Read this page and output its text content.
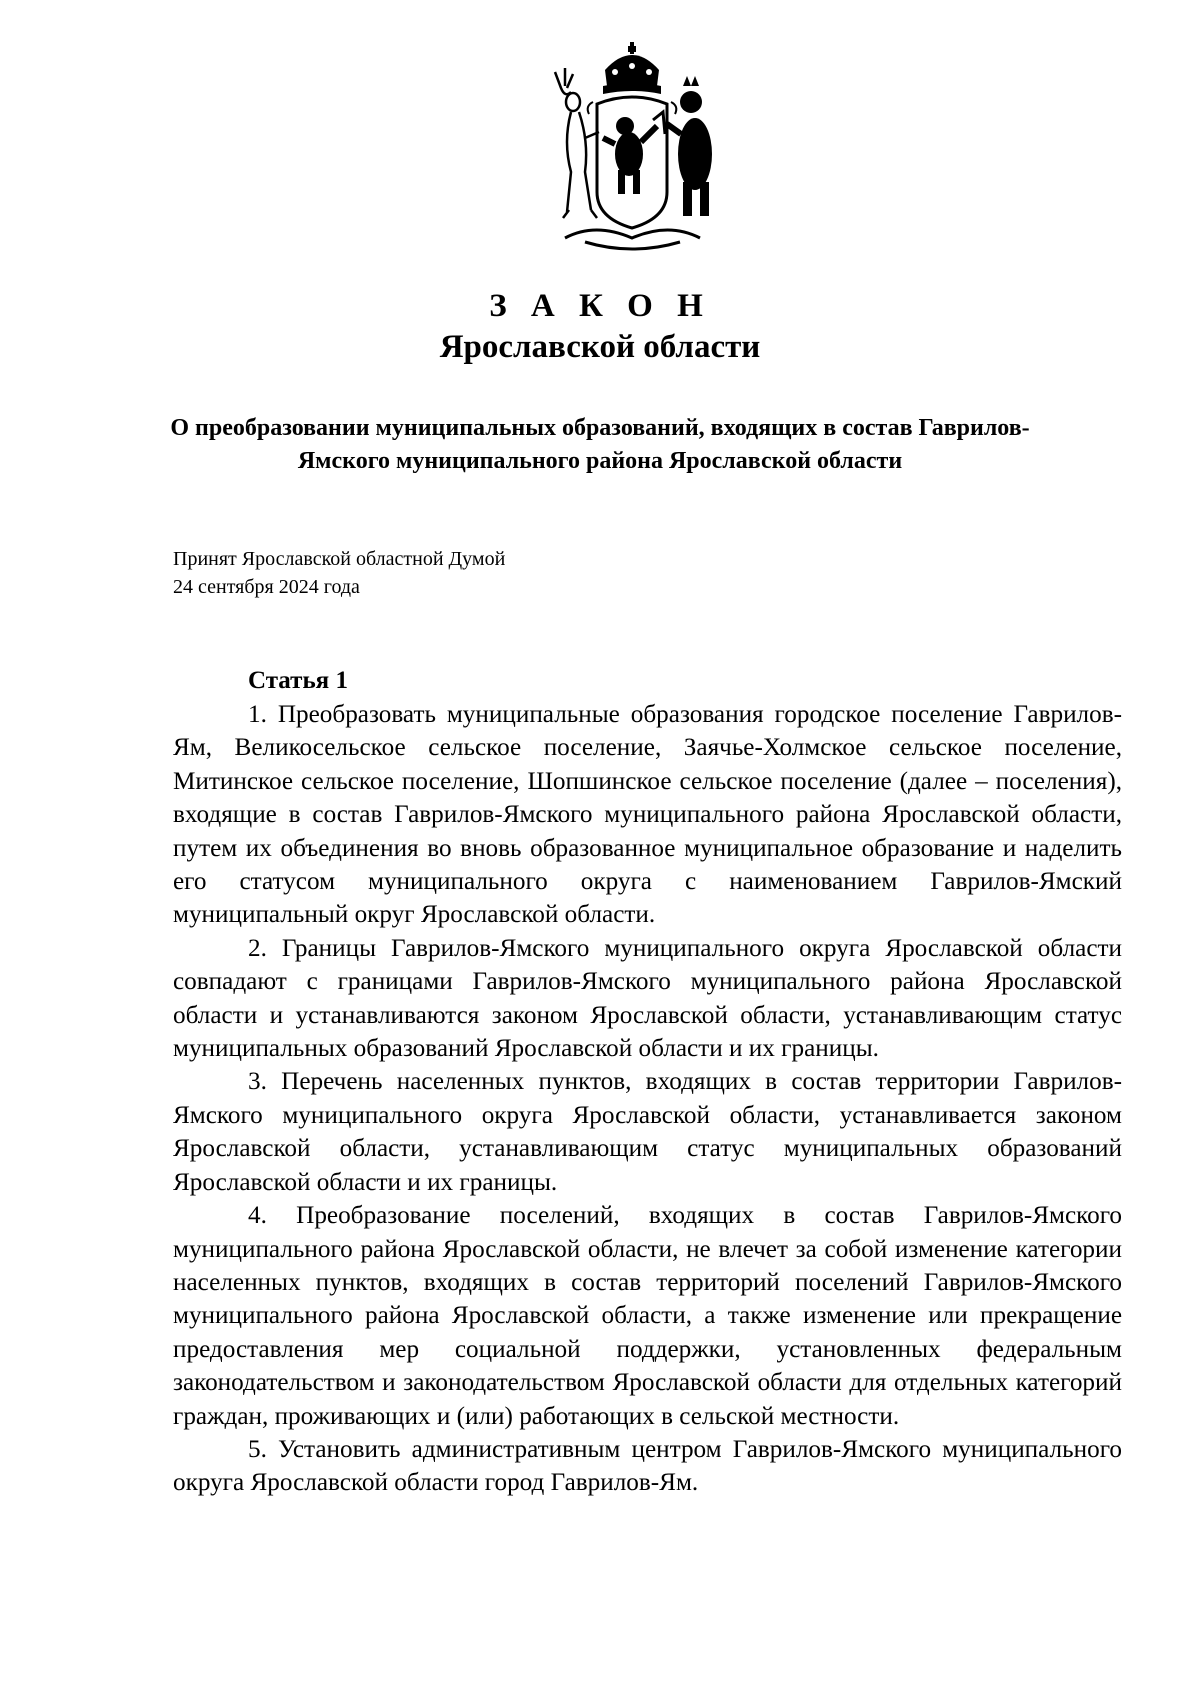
З А К О Н
Ярославской области

О преобразовании муниципальных образований, входящих в состав Гаврилов-Ямского муниципального района Ярославской области

Принят Ярославской областной Думой
24 сентября 2024 года
Статья 1

1. Преобразовать муниципальные образования городское поселение Гаврилов-Ям, Великосельское сельское поселение, Заячье-Холмское сельское поселение, Митинское сельское поселение, Шопшинское сельское поселение (далее – поселения), входящие в состав Гаврилов-Ямского муниципального района Ярославской области, путем их объединения во вновь образованное муниципальное образование и наделить его статусом муниципального округа с наименованием Гаврилов-Ямский муниципальный округ Ярославской области.

2. Границы Гаврилов-Ямского муниципального округа Ярославской области совпадают с границами Гаврилов-Ямского муниципального района Ярославской области и устанавливаются законом Ярославской области, устанавливающим статус муниципальных образований Ярославской области и их границы.

3. Перечень населенных пунктов, входящих в состав территории Гаврилов-Ямского муниципального округа Ярославской области, устанавливается законом Ярославской области, устанавливающим статус муниципальных образований Ярославской области и их границы.

4. Преобразование поселений, входящих в состав Гаврилов-Ямского муниципального района Ярославской области, не влечет за собой изменение категории населенных пунктов, входящих в состав территорий поселений Гаврилов-Ямского муниципального района Ярославской области, а также изменение или прекращение предоставления мер социальной поддержки, установленных федеральным законодательством и законодательством Ярославской области для отдельных категорий граждан, проживающих и (или) работающих в сельской местности.

5. Установить административным центром Гаврилов-Ямского муниципального округа Ярославской области город Гаврилов-Ям.
